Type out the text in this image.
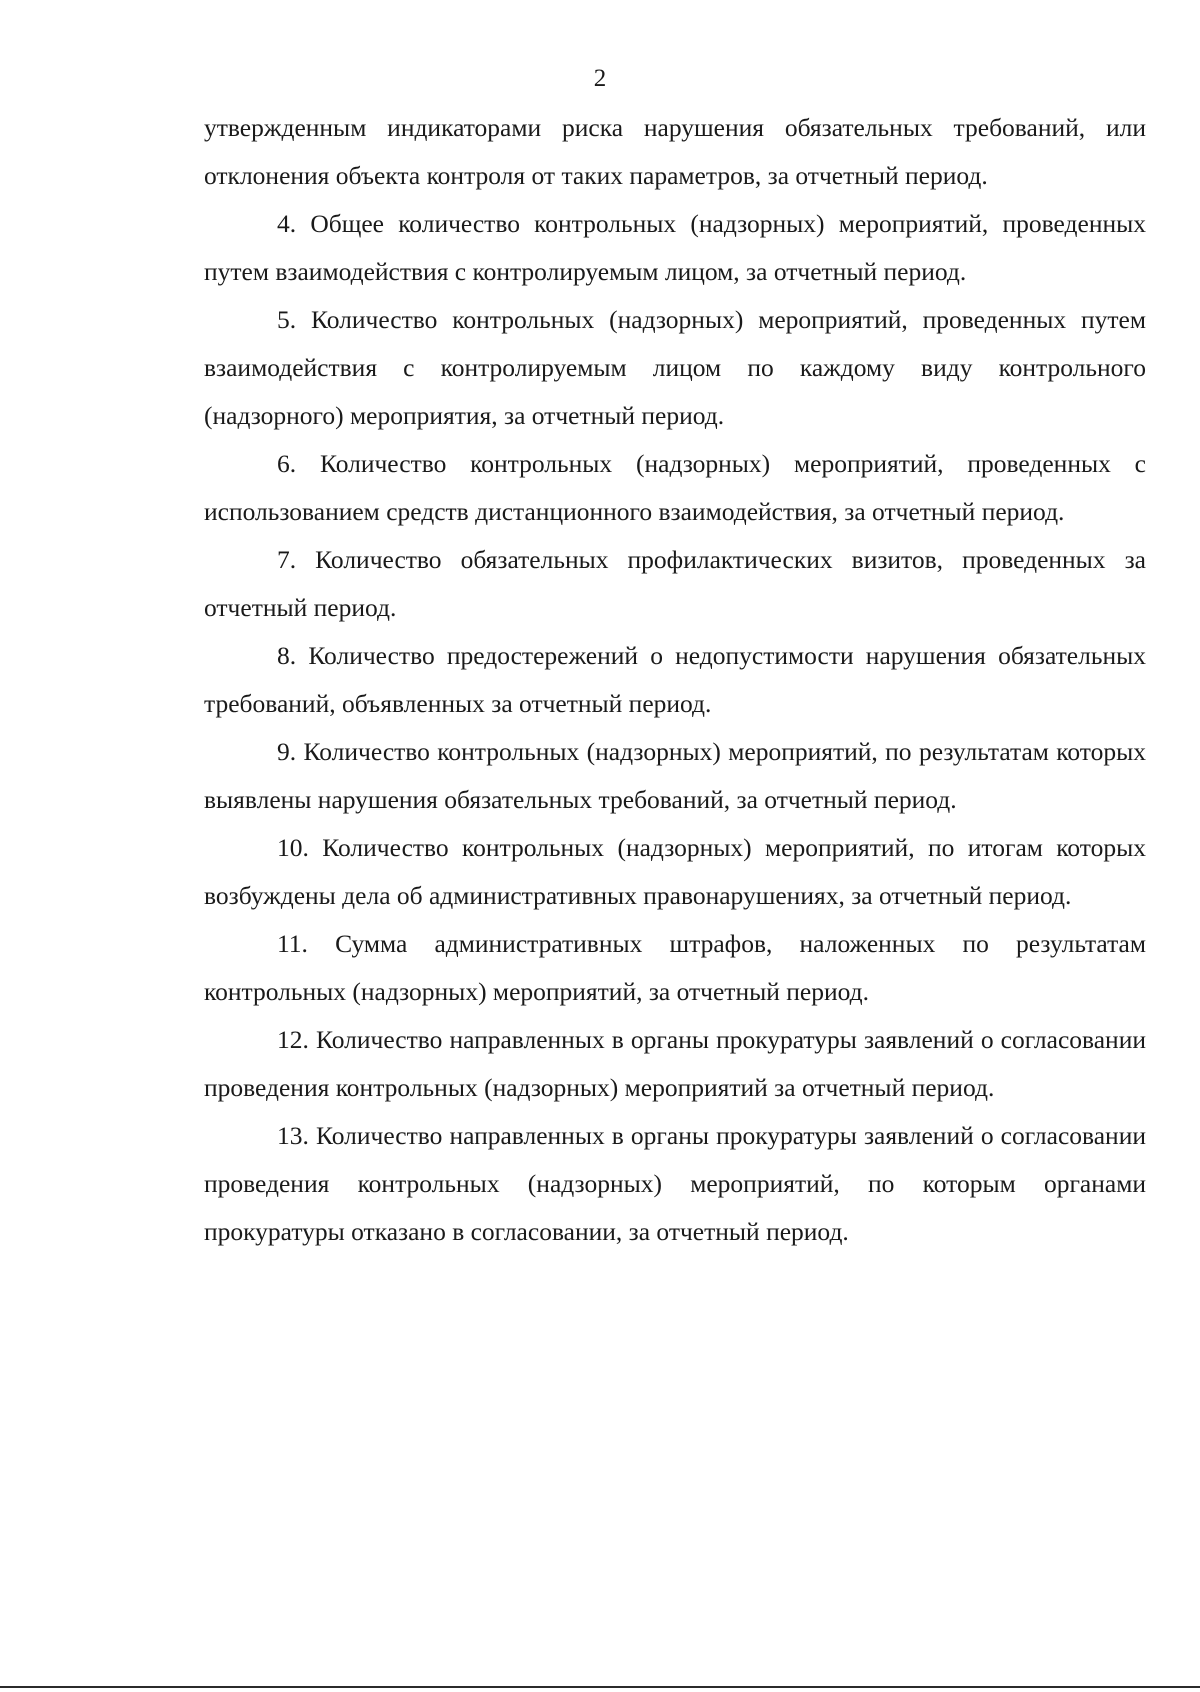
2

утвержденным индикаторами риска нарушения обязательных требований, или отклонения объекта контроля от таких параметров, за отчетный период.

4. Общее количество контрольных (надзорных) мероприятий, проведенных путем взаимодействия с контролируемым лицом, за отчетный период.

5. Количество контрольных (надзорных) мероприятий, проведенных путем взаимодействия с контролируемым лицом по каждому виду контрольного (надзорного) мероприятия, за отчетный период.

6. Количество контрольных (надзорных) мероприятий, проведенных с использованием средств дистанционного взаимодействия, за отчетный период.

7. Количество обязательных профилактических визитов, проведенных за отчетный период.

8. Количество предостережений о недопустимости нарушения обязательных требований, объявленных за отчетный период.

9. Количество контрольных (надзорных) мероприятий, по результатам которых выявлены нарушения обязательных требований, за отчетный период.

10. Количество контрольных (надзорных) мероприятий, по итогам которых возбуждены дела об административных правонарушениях, за отчетный период.

11. Сумма административных штрафов, наложенных по результатам контрольных (надзорных) мероприятий, за отчетный период.

12. Количество направленных в органы прокуратуры заявлений о согласовании проведения контрольных (надзорных) мероприятий за отчетный период.

13. Количество направленных в органы прокуратуры заявлений о согласовании проведения контрольных (надзорных) мероприятий, по которым органами прокуратуры отказано в согласовании, за отчетный период.
